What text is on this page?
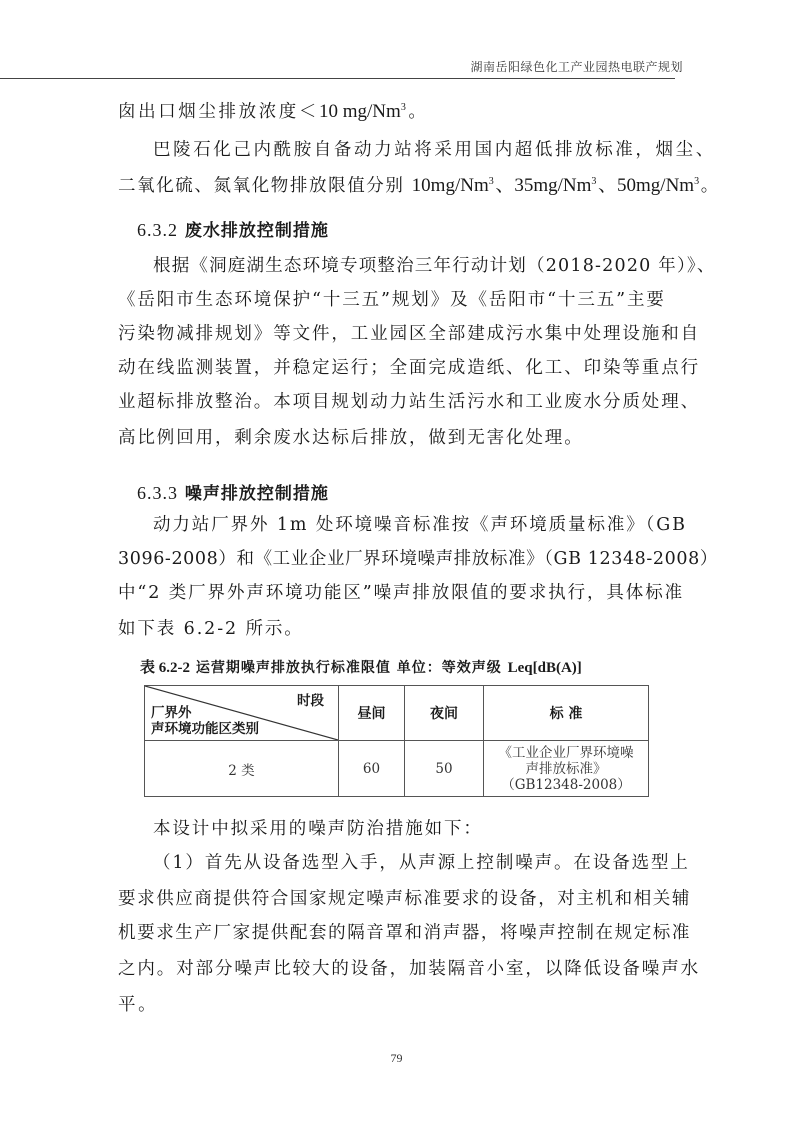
湖南岳阳绿色化工产业园热电联产规划
囱出口烟尘排放浓度＜10 mg/Nm$^3$。
巴陵石化己内酰胺自备动力站将采用国内超低排放标准，烟尘、
二氧化硫、氮氧化物排放限值分别 10mg/Nm$^3$、35mg/Nm$^3$、50mg/Nm$^3$。
6.3.2 废水排放控制措施
根据《洞庭湖生态环境专项整治三年行动计划（2018-2020 年）》、
《岳阳市生态环境保护“十三五”规划》及《岳阳市“十三五”主要
污染物减排规划》等文件，工业园区全部建成污水集中处理设施和自
动在线监测装置，并稳定运行；全面完成造纸、化工、印染等重点行
业超标排放整治。本项目规划动力站生活污水和工业废水分质处理、
高比例回用，剩余废水达标后排放，做到无害化处理。
6.3.3 噪声排放控制措施
动力站厂界外 1m 处环境噪音标准按《声环境质量标准》（GB
3096-2008）和《工业企业厂界环境噪声排放标准》（GB 12348-2008）
中“2 类厂界外声环境功能区”噪声排放限值的要求执行，具体标准
如下表 6.2-2 所示。
表 6.2-2 运营期噪声排放执行标准限值 单位：等效声级 Leq[dB(A)]
时段
厂界外
声环境功能区类别	昼间	夜间	标 准
2 类	60	50	《工业企业厂界环境噪
声排放标准》
（GB12348-2008）
本设计中拟采用的噪声防治措施如下：
（1）首先从设备选型入手，从声源上控制噪声。在设备选型上
要求供应商提供符合国家规定噪声标准要求的设备，对主机和相关辅
机要求生产厂家提供配套的隔音罩和消声器，将噪声控制在规定标准
之内。对部分噪声比较大的设备，加装隔音小室，以降低设备噪声水
平。
79
